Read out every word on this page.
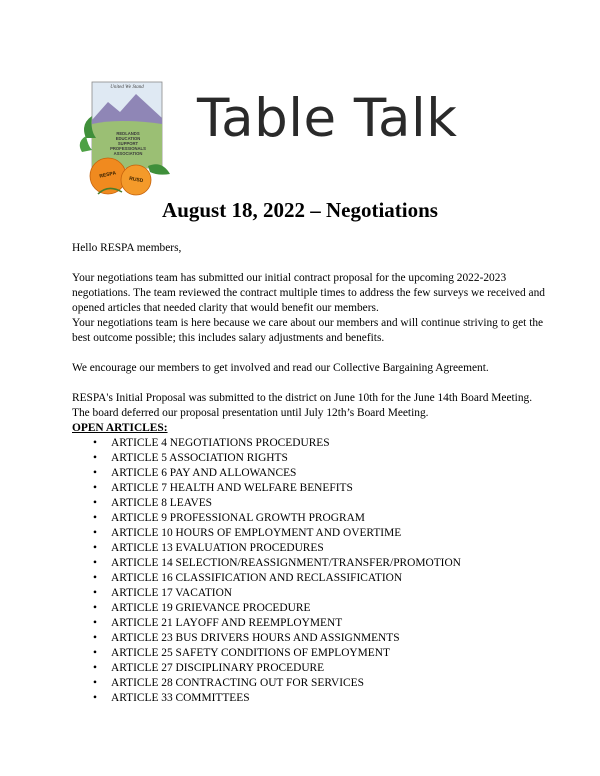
United We Stand
REDLANDS
EDUCATION
SUPPORT
PROFESSIONALS
ASSOCIATION
RESPA
RUSD
Table Talk
August 18, 2022 – Negotiations

Hello RESPA members,

Your negotiations team has submitted our initial contract proposal for the upcoming 2022-2023 negotiations. The team reviewed the contract multiple times to address the few surveys we received and opened articles that needed clarity that would benefit our members.

Your negotiations team is here because we care about our members and will continue striving to get the best outcome possible; this includes salary adjustments and benefits.

We encourage our members to get involved and read our Collective Bargaining Agreement.

RESPA's Initial Proposal was submitted to the district on June 10th for the June 14th Board Meeting. The board deferred our proposal presentation until July 12th’s Board Meeting.

OPEN ARTICLES:

• ARTICLE 4 NEGOTIATIONS PROCEDURES
• ARTICLE 5 ASSOCIATION RIGHTS
• ARTICLE 6 PAY AND ALLOWANCES
• ARTICLE 7 HEALTH AND WELFARE BENEFITS
• ARTICLE 8 LEAVES
• ARTICLE 9 PROFESSIONAL GROWTH PROGRAM
• ARTICLE 10 HOURS OF EMPLOYMENT AND OVERTIME
• ARTICLE 13 EVALUATION PROCEDURES
• ARTICLE 14 SELECTION/REASSIGNMENT/TRANSFER/PROMOTION
• ARTICLE 16 CLASSIFICATION AND RECLASSIFICATION
• ARTICLE 17 VACATION
• ARTICLE 19 GRIEVANCE PROCEDURE
• ARTICLE 21 LAYOFF AND REEMPLOYMENT
• ARTICLE 23 BUS DRIVERS HOURS AND ASSIGNMENTS
• ARTICLE 25 SAFETY CONDITIONS OF EMPLOYMENT
• ARTICLE 27 DISCIPLINARY PROCEDURE
• ARTICLE 28 CONTRACTING OUT FOR SERVICES
• ARTICLE 33 COMMITTEES
